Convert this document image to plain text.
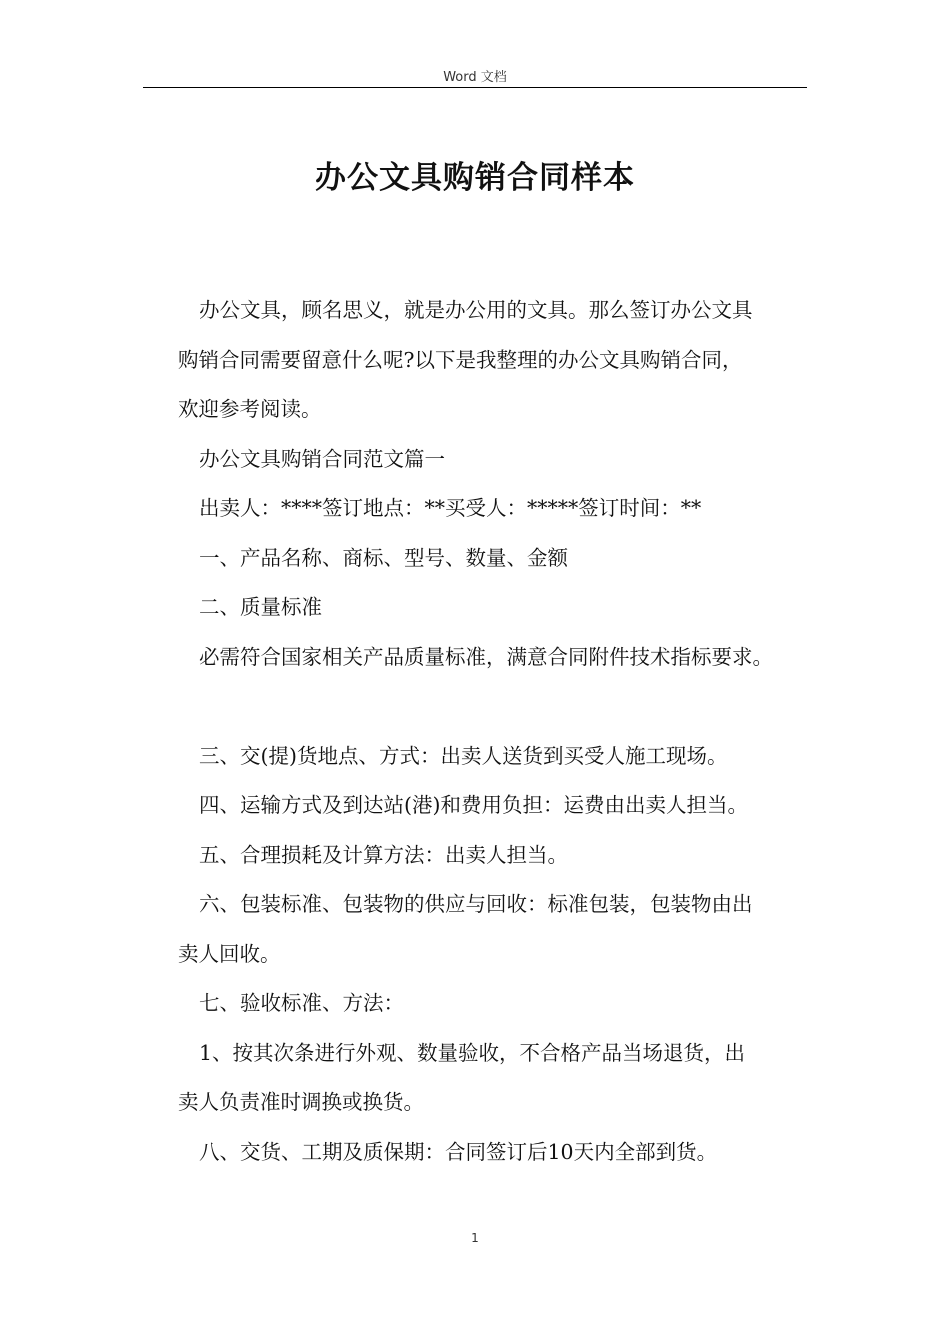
Word 文档
办公文具购销合同样本

办公文具，顾名思义，就是办公用的文具。那么签订办公文具

购销合同需要留意什么呢?以下是我整理的办公文具购销合同，

欢迎参考阅读。

办公文具购销合同范文篇一

出卖人：****签订地点：**买受人：*****签订时间：**

一、产品名称、商标、型号、数量、金额

二、质量标准

必需符合国家相关产品质量标准，满意合同附件技术指标要求。

三、交(提)货地点、方式：出卖人送货到买受人施工现场。

四、运输方式及到达站(港)和费用负担：运费由出卖人担当。

五、合理损耗及计算方法：出卖人担当。

六、包装标准、包装物的供应与回收：标准包装，包装物由出

卖人回收。

七、验收标准、方法：

1、按其次条进行外观、数量验收，不合格产品当场退货，出

卖人负责准时调换或换货。

八、交货、工期及质保期：合同签订后10天内全部到货。

1
